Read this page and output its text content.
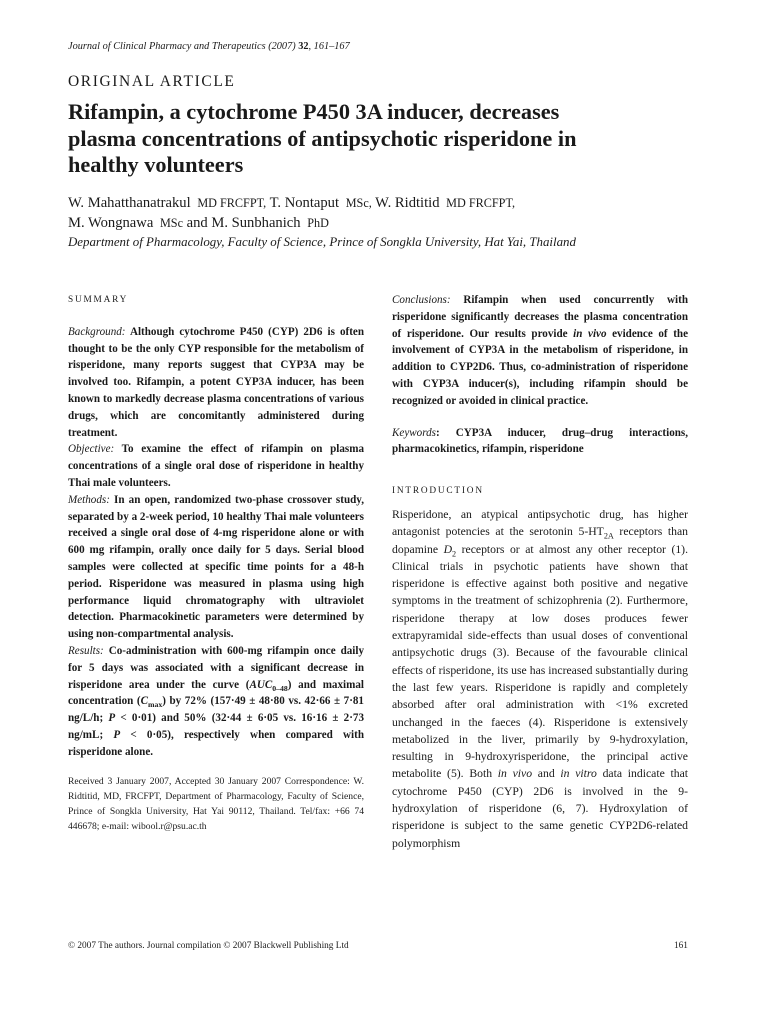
Journal of Clinical Pharmacy and Therapeutics (2007) 32, 161–167
ORIGINAL ARTICLE
Rifampin, a cytochrome P450 3A inducer, decreases
plasma concentrations of antipsychotic risperidone in
healthy volunteers
W. Mahatthanatrakul MD FRCFPT, T. Nontaput MSc, W. Ridtitid MD FRCFPT,
M. Wongnawa MSc and M. Sunbhanich PhD
Department of Pharmacology, Faculty of Science, Prince of Songkla University, Hat Yai, Thailand
SUMMARY

Background: Although cytochrome P450 (CYP) 2D6 is often thought to be the only CYP responsible for the metabolism of risperidone, many reports suggest that CYP3A may be involved too. Rifampin, a potent CYP3A inducer, has been known to markedly decrease plasma concentrations of various drugs, which are concomitantly administered during treatment.

Objective: To examine the effect of rifampin on plasma concentrations of a single oral dose of risperidone in healthy Thai male volunteers.

Methods: In an open, randomized two-phase crossover study, separated by a 2-week period, 10 healthy Thai male volunteers received a single oral dose of 4-mg risperidone alone or with 600 mg rifampin, orally once daily for 5 days. Serial blood samples were collected at specific time points for a 48-h period. Risperidone was measured in plasma using high performance liquid chromatography with ultraviolet detection. Pharmacokinetic parameters were determined by using non-compartmental analysis.

Results: Co-administration with 600-mg rifampin once daily for 5 days was associated with a significant decrease in risperidone area under the curve $(AUC_{0-48})$ and maximal concentration $(C_{max})$ by 72% (157·49 ± 48·80 vs. 42·66 ± 7·81 ng/L/h; P < 0·01) and 50% (32·44 ± 6·05 vs. 16·16 ± 2·73 ng/mL; P < 0·05), respectively when compared with risperidone alone.

Received 3 January 2007, Accepted 30 January 2007 Correspondence: W. Ridtitid, MD, FRCFPT, Department of Pharmacology, Faculty of Science, Prince of Songkla University, Hat Yai 90112, Thailand. Tel/fax: +66 74 446678; e-mail: wibool.r@psu.ac.th

Conclusions: Rifampin when used concurrently with risperidone significantly decreases the plasma concentration of risperidone. Our results provide in vivo evidence of the involvement of CYP3A in the metabolism of risperidone, in addition to CYP2D6. Thus, co-administration of risperidone with CYP3A inducer(s), including rifampin should be recognized or avoided in clinical practice.

Keywords: CYP3A inducer, drug–drug interactions, pharmacokinetics, rifampin, risperidone

INTRODUCTION

Risperidone, an atypical antipsychotic drug, has higher antagonist potencies at the serotonin $5-HT_{2A}$ receptors than dopamine $D_2$ receptors or at almost any other receptor (1). Clinical trials in psychotic patients have shown that risperidone is effective against both positive and negative symptoms in the treatment of schizophrenia (2). Furthermore, risperidone therapy at low doses produces fewer extrapyramidal side-effects than usual doses of conventional antipsychotic drugs (3). Because of the favourable clinical effects of risperidone, its use has increased substantially during the last few years. Risperidone is rapidly and completely absorbed after oral administration with <1% excreted unchanged in the faeces (4). Risperidone is extensively metabolized in the liver, primarily by 9-hydroxylation, resulting in 9-hydroxyrisperidone, the principal active metabolite (5). Both in vivo and in vitro data indicate that cytochrome P450 (CYP) 2D6 is involved in the 9-hydroxylation of risperidone (6, 7). Hydroxylation of risperidone is subject to the same genetic CYP2D6-related polymorphism

© 2007 The authors. Journal compilation © 2007 Blackwell Publishing Ltd	161
